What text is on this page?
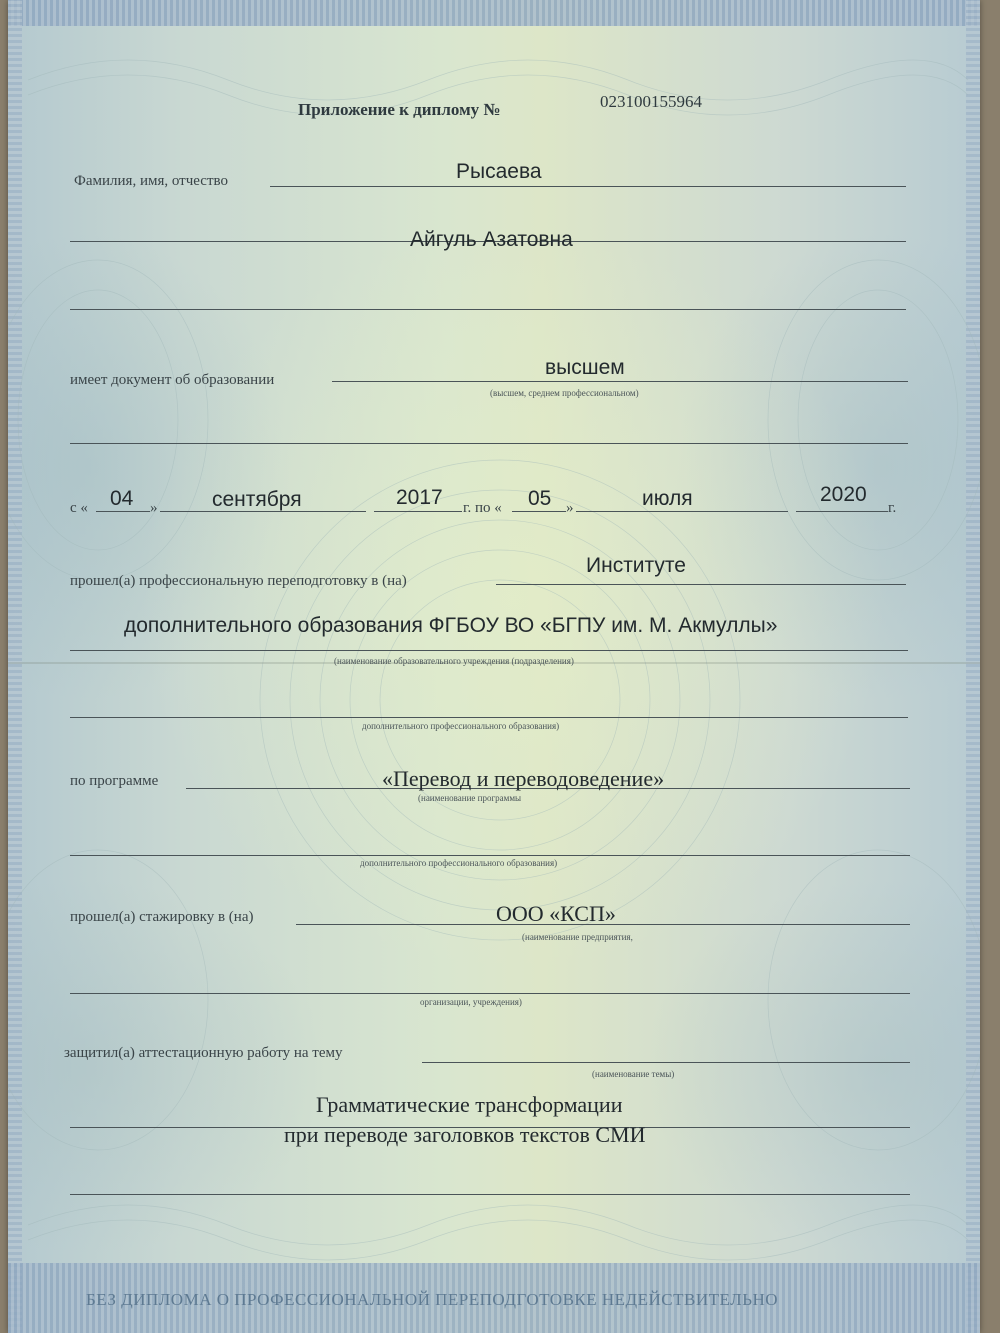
Приложение к диплому №	023100155964
Фамилия, имя, отчество	Рысаева
Айгуль Азатовна
имеет документ об образовании
высшем
(высшем, среднем профессиональном)
с « 04 »	сентября	2017 г. по « 05 »	июля	2020
г.
прошел(а) профессиональную переподготовку в (на)
Институте
дополнительного образования ФГБОУ ВО «БГПУ им. М. Акмуллы»
(наименование образовательного учреждения (подразделения)
дополнительного профессионального образования)
по программе	«Перевод и переводоведение»
(наименование программы
дополнительного профессионального образования)
прошел(а) стажировку в (на)	ООО «КСП»
(наименование предприятия,
организации, учреждения)
защитил(а) аттестационную работу на тему
(наименование темы)
Грамматические трансформации
при переводе заголовков текстов СМИ
БЕЗ ДИПЛОМА О ПРОФЕССИОНАЛЬНОЙ ПЕРЕПОДГОТОВКЕ НЕДЕЙСТВИТЕЛЬНО
